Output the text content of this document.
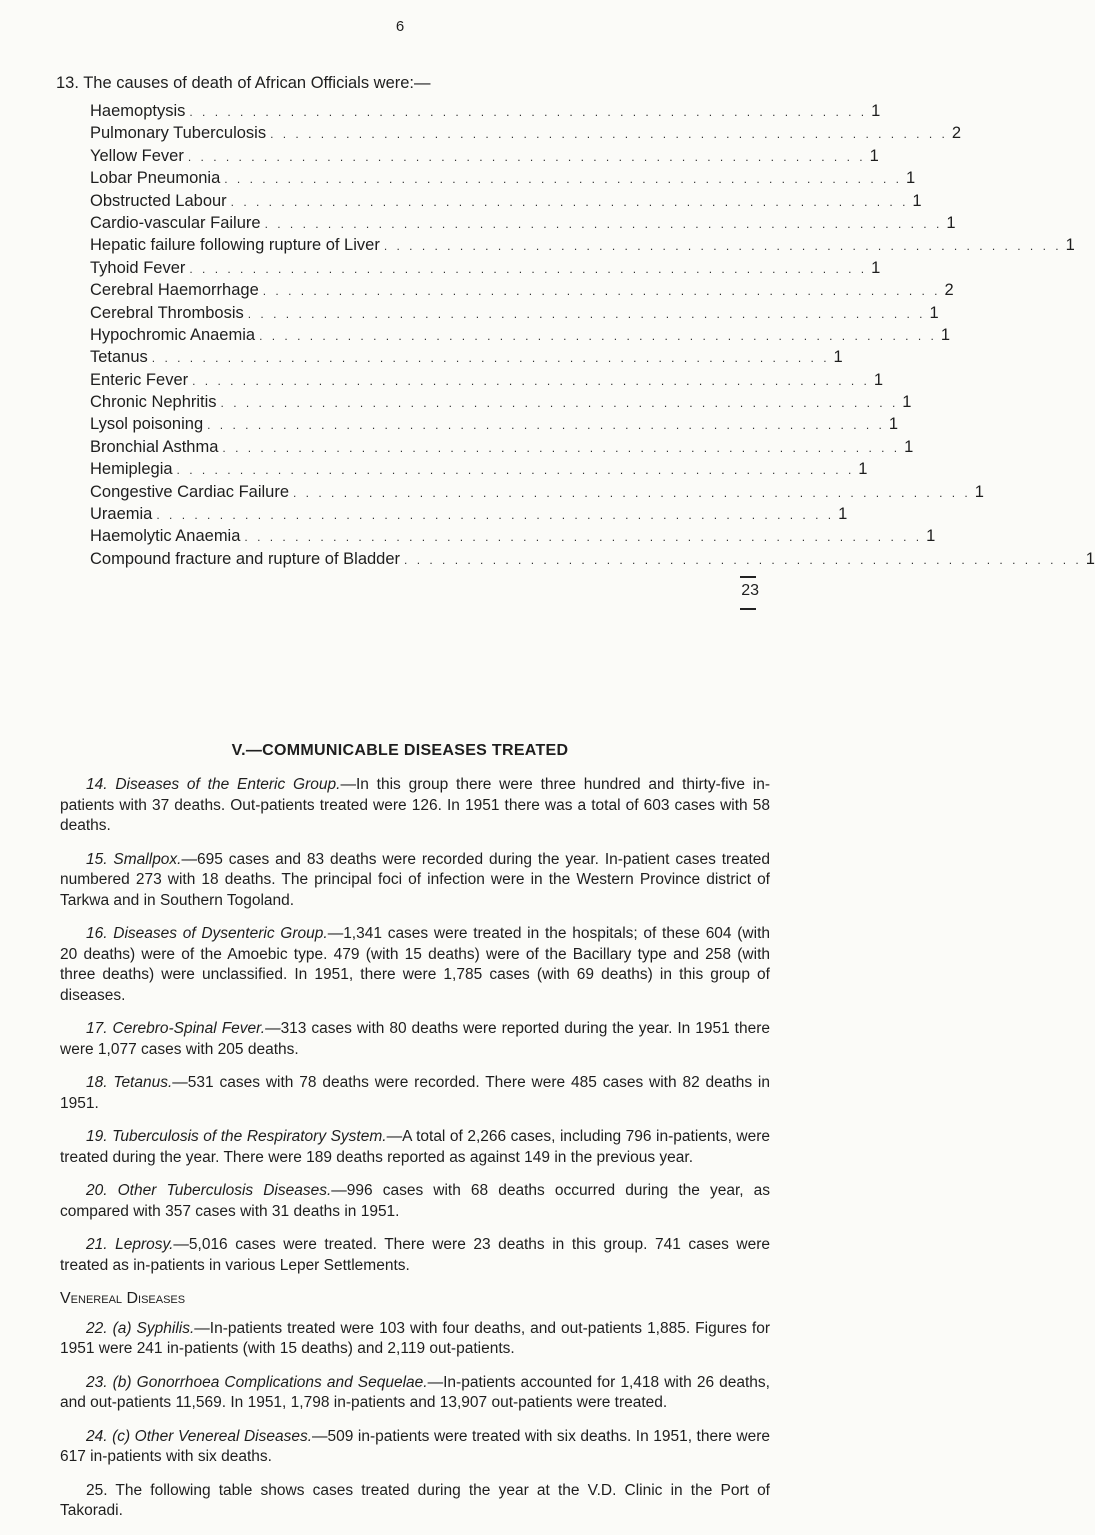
6

13. The causes of death of African Officials were:—

Haemoptysis . . . . . . . . . . . . . . . . . . . . . . . . . . . . . . . . . . . . . . . . . . . . . . . . . . . . . . 1
Pulmonary Tuberculosis . . . . . . . . . . . . . . . . . . . . . . . . . . . . . . . . . . . . . . . . . . . . . . . . . . . . . . 2
Yellow Fever . . . . . . . . . . . . . . . . . . . . . . . . . . . . . . . . . . . . . . . . . . . . . . . . . . . . . . 1
Lobar Pneumonia . . . . . . . . . . . . . . . . . . . . . . . . . . . . . . . . . . . . . . . . . . . . . . . . . . . . . . 1
Obstructed Labour . . . . . . . . . . . . . . . . . . . . . . . . . . . . . . . . . . . . . . . . . . . . . . . . . . . . . . 1
Cardio-vascular Failure . . . . . . . . . . . . . . . . . . . . . . . . . . . . . . . . . . . . . . . . . . . . . . . . . . . . . . 1
Hepatic failure following rupture of Liver . . . . . . . . . . . . . . . . . . . . . . . . . . . . . . . . . . . . . . . . . . . . . . . . . . . . . . 1
Tyhoid Fever . . . . . . . . . . . . . . . . . . . . . . . . . . . . . . . . . . . . . . . . . . . . . . . . . . . . . . 1
Cerebral Haemorrhage . . . . . . . . . . . . . . . . . . . . . . . . . . . . . . . . . . . . . . . . . . . . . . . . . . . . . . 2
Cerebral Thrombosis . . . . . . . . . . . . . . . . . . . . . . . . . . . . . . . . . . . . . . . . . . . . . . . . . . . . . . 1
Hypochromic Anaemia . . . . . . . . . . . . . . . . . . . . . . . . . . . . . . . . . . . . . . . . . . . . . . . . . . . . . . 1
Tetanus . . . . . . . . . . . . . . . . . . . . . . . . . . . . . . . . . . . . . . . . . . . . . . . . . . . . . . 1
Enteric Fever . . . . . . . . . . . . . . . . . . . . . . . . . . . . . . . . . . . . . . . . . . . . . . . . . . . . . . 1
Chronic Nephritis . . . . . . . . . . . . . . . . . . . . . . . . . . . . . . . . . . . . . . . . . . . . . . . . . . . . . . 1
Lysol poisoning . . . . . . . . . . . . . . . . . . . . . . . . . . . . . . . . . . . . . . . . . . . . . . . . . . . . . . 1
Bronchial Asthma . . . . . . . . . . . . . . . . . . . . . . . . . . . . . . . . . . . . . . . . . . . . . . . . . . . . . . 1
Hemiplegia . . . . . . . . . . . . . . . . . . . . . . . . . . . . . . . . . . . . . . . . . . . . . . . . . . . . . . 1
Congestive Cardiac Failure . . . . . . . . . . . . . . . . . . . . . . . . . . . . . . . . . . . . . . . . . . . . . . . . . . . . . . 1
Uraemia . . . . . . . . . . . . . . . . . . . . . . . . . . . . . . . . . . . . . . . . . . . . . . . . . . . . . . 1
Haemolytic Anaemia . . . . . . . . . . . . . . . . . . . . . . . . . . . . . . . . . . . . . . . . . . . . . . . . . . . . . . 1
Compound fracture and rupture of Bladder . . . . . . . . . . . . . . . . . . . . . . . . . . . . . . . . . . . . . . . . . . . . . . . . . . . . . . 1
23
V.—COMMUNICABLE DISEASES TREATED

14. Diseases of the Enteric Group.—In this group there were three hundred and thirty-five in-patients with 37 deaths. Out-patients treated were 126. In 1951 there was a total of 603 cases with 58 deaths.

15. Smallpox.—695 cases and 83 deaths were recorded during the year. In-patient cases treated numbered 273 with 18 deaths. The principal foci of infection were in the Western Province district of Tarkwa and in Southern Togoland.

16. Diseases of Dysenteric Group.—1,341 cases were treated in the hospitals; of these 604 (with 20 deaths) were of the Amoebic type. 479 (with 15 deaths) were of the Bacillary type and 258 (with three deaths) were unclassified. In 1951, there were 1,785 cases (with 69 deaths) in this group of diseases.

17. Cerebro-Spinal Fever.—313 cases with 80 deaths were reported during the year. In 1951 there were 1,077 cases with 205 deaths.

18. Tetanus.—531 cases with 78 deaths were recorded. There were 485 cases with 82 deaths in 1951.

19. Tuberculosis of the Respiratory System.—A total of 2,266 cases, including 796 in-patients, were treated during the year. There were 189 deaths reported as against 149 in the previous year.

20. Other Tuberculosis Diseases.—996 cases with 68 deaths occurred during the year, as compared with 357 cases with 31 deaths in 1951.

21. Leprosy.—5,016 cases were treated. There were 23 deaths in this group. 741 cases were treated as in-patients in various Leper Settlements.

Venereal Diseases

22. (a) Syphilis.—In-patients treated were 103 with four deaths, and out-patients 1,885. Figures for 1951 were 241 in-patients (with 15 deaths) and 2,119 out-patients.

23. (b) Gonorrhoea Complications and Sequelae.—In-patients accounted for 1,418 with 26 deaths, and out-patients 11,569. In 1951, 1,798 in-patients and 13,907 out-patients were treated.

24. (c) Other Venereal Diseases.—509 in-patients were treated with six deaths. In 1951, there were 617 in-patients with six deaths.

25. The following table shows cases treated during the year at the V.D. Clinic in the Port of Takoradi.
